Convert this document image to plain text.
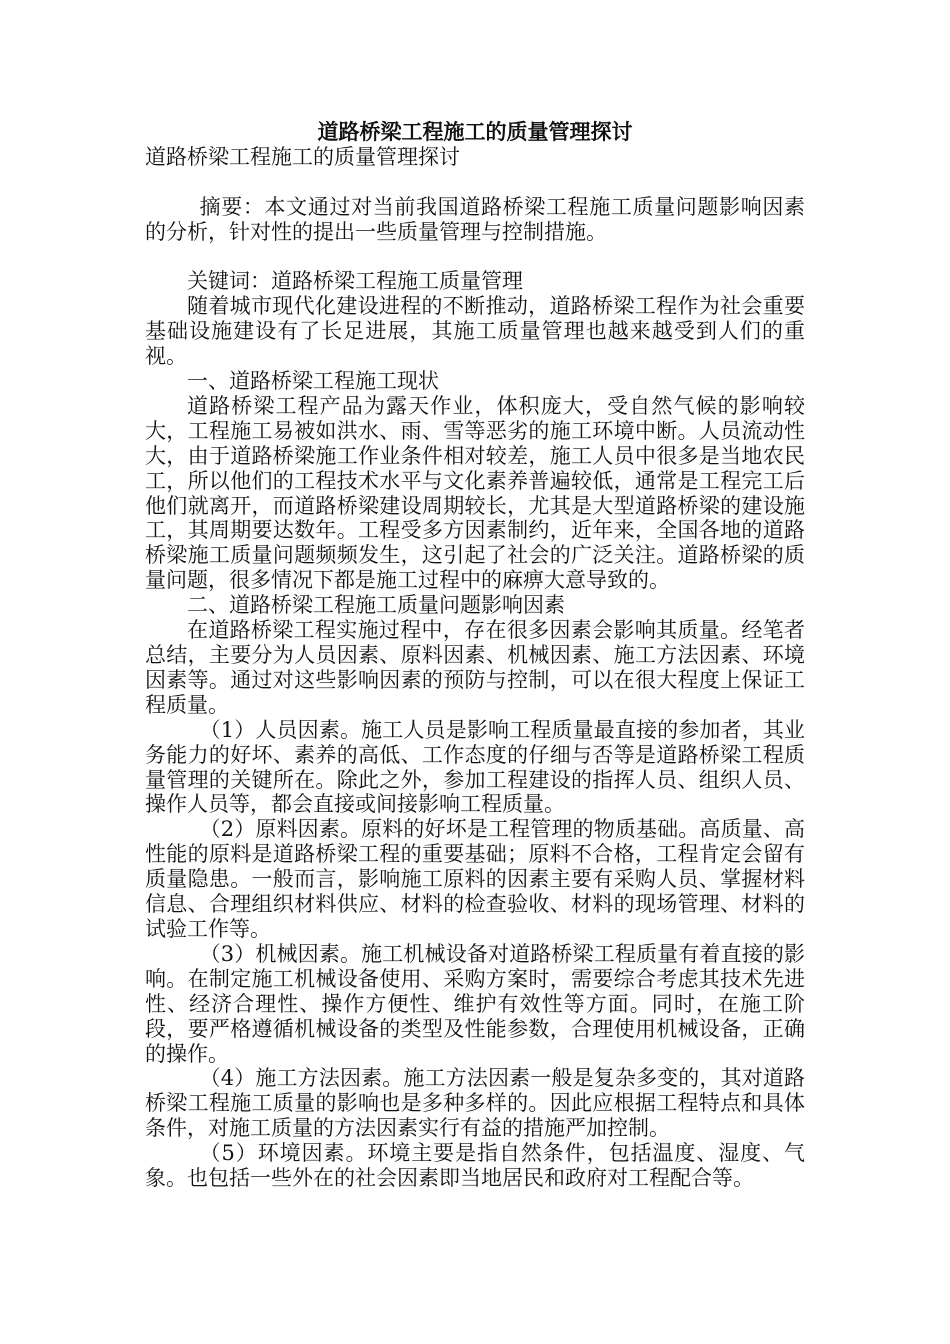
道路桥梁工程施工的质量管理探讨

道路桥梁工程施工的质量管理探讨

摘要：本文通过对当前我国道路桥梁工程施工质量问题影响因素的分析，针对性的提出一些质量管理与控制措施。

关键词：道路桥梁工程施工质量管理

随着城市现代化建设进程的不断推动，道路桥梁工程作为社会重要基础设施建设有了长足进展，其施工质量管理也越来越受到人们的重视。

一、道路桥梁工程施工现状

道路桥梁工程产品为露天作业，体积庞大，受自然气候的影响较大，工程施工易被如洪水、雨、雪等恶劣的施工环境中断。人员流动性大，由于道路桥梁施工作业条件相对较差，施工人员中很多是当地农民工，所以他们的工程技术水平与文化素养普遍较低，通常是工程完工后他们就离开，而道路桥梁建设周期较长，尤其是大型道路桥梁的建设施工，其周期要达数年。工程受多方因素制约，近年来，全国各地的道路桥梁施工质量问题频频发生，这引起了社会的广泛关注。道路桥梁的质量问题，很多情况下都是施工过程中的麻痹大意导致的。

二、道路桥梁工程施工质量问题影响因素

在道路桥梁工程实施过程中，存在很多因素会影响其质量。经笔者总结，主要分为人员因素、原料因素、机械因素、施工方法因素、环境因素等。通过对这些影响因素的预防与控制，可以在很大程度上保证工程质量。

（1）人员因素。施工人员是影响工程质量最直接的参加者，其业务能力的好坏、素养的高低、工作态度的仔细与否等是道路桥梁工程质量管理的关键所在。除此之外，参加工程建设的指挥人员、组织人员、操作人员等，都会直接或间接影响工程质量。

（2）原料因素。原料的好坏是工程管理的物质基础。高质量、高性能的原料是道路桥梁工程的重要基础；原料不合格，工程肯定会留有质量隐患。一般而言，影响施工原料的因素主要有采购人员、掌握材料信息、合理组织材料供应、材料的检查验收、材料的现场管理、材料的试验工作等。

（3）机械因素。施工机械设备对道路桥梁工程质量有着直接的影响。在制定施工机械设备使用、采购方案时，需要综合考虑其技术先进性、经济合理性、操作方便性、维护有效性等方面。同时，在施工阶段，要严格遵循机械设备的类型及性能参数，合理使用机械设备，正确的操作。

（4）施工方法因素。施工方法因素一般是复杂多变的，其对道路桥梁工程施工质量的影响也是多种多样的。因此应根据工程特点和具体条件，对施工质量的方法因素实行有益的措施严加控制。

（5）环境因素。环境主要是指自然条件，包括温度、湿度、气象。也包括一些外在的社会因素即当地居民和政府对工程配合等。
